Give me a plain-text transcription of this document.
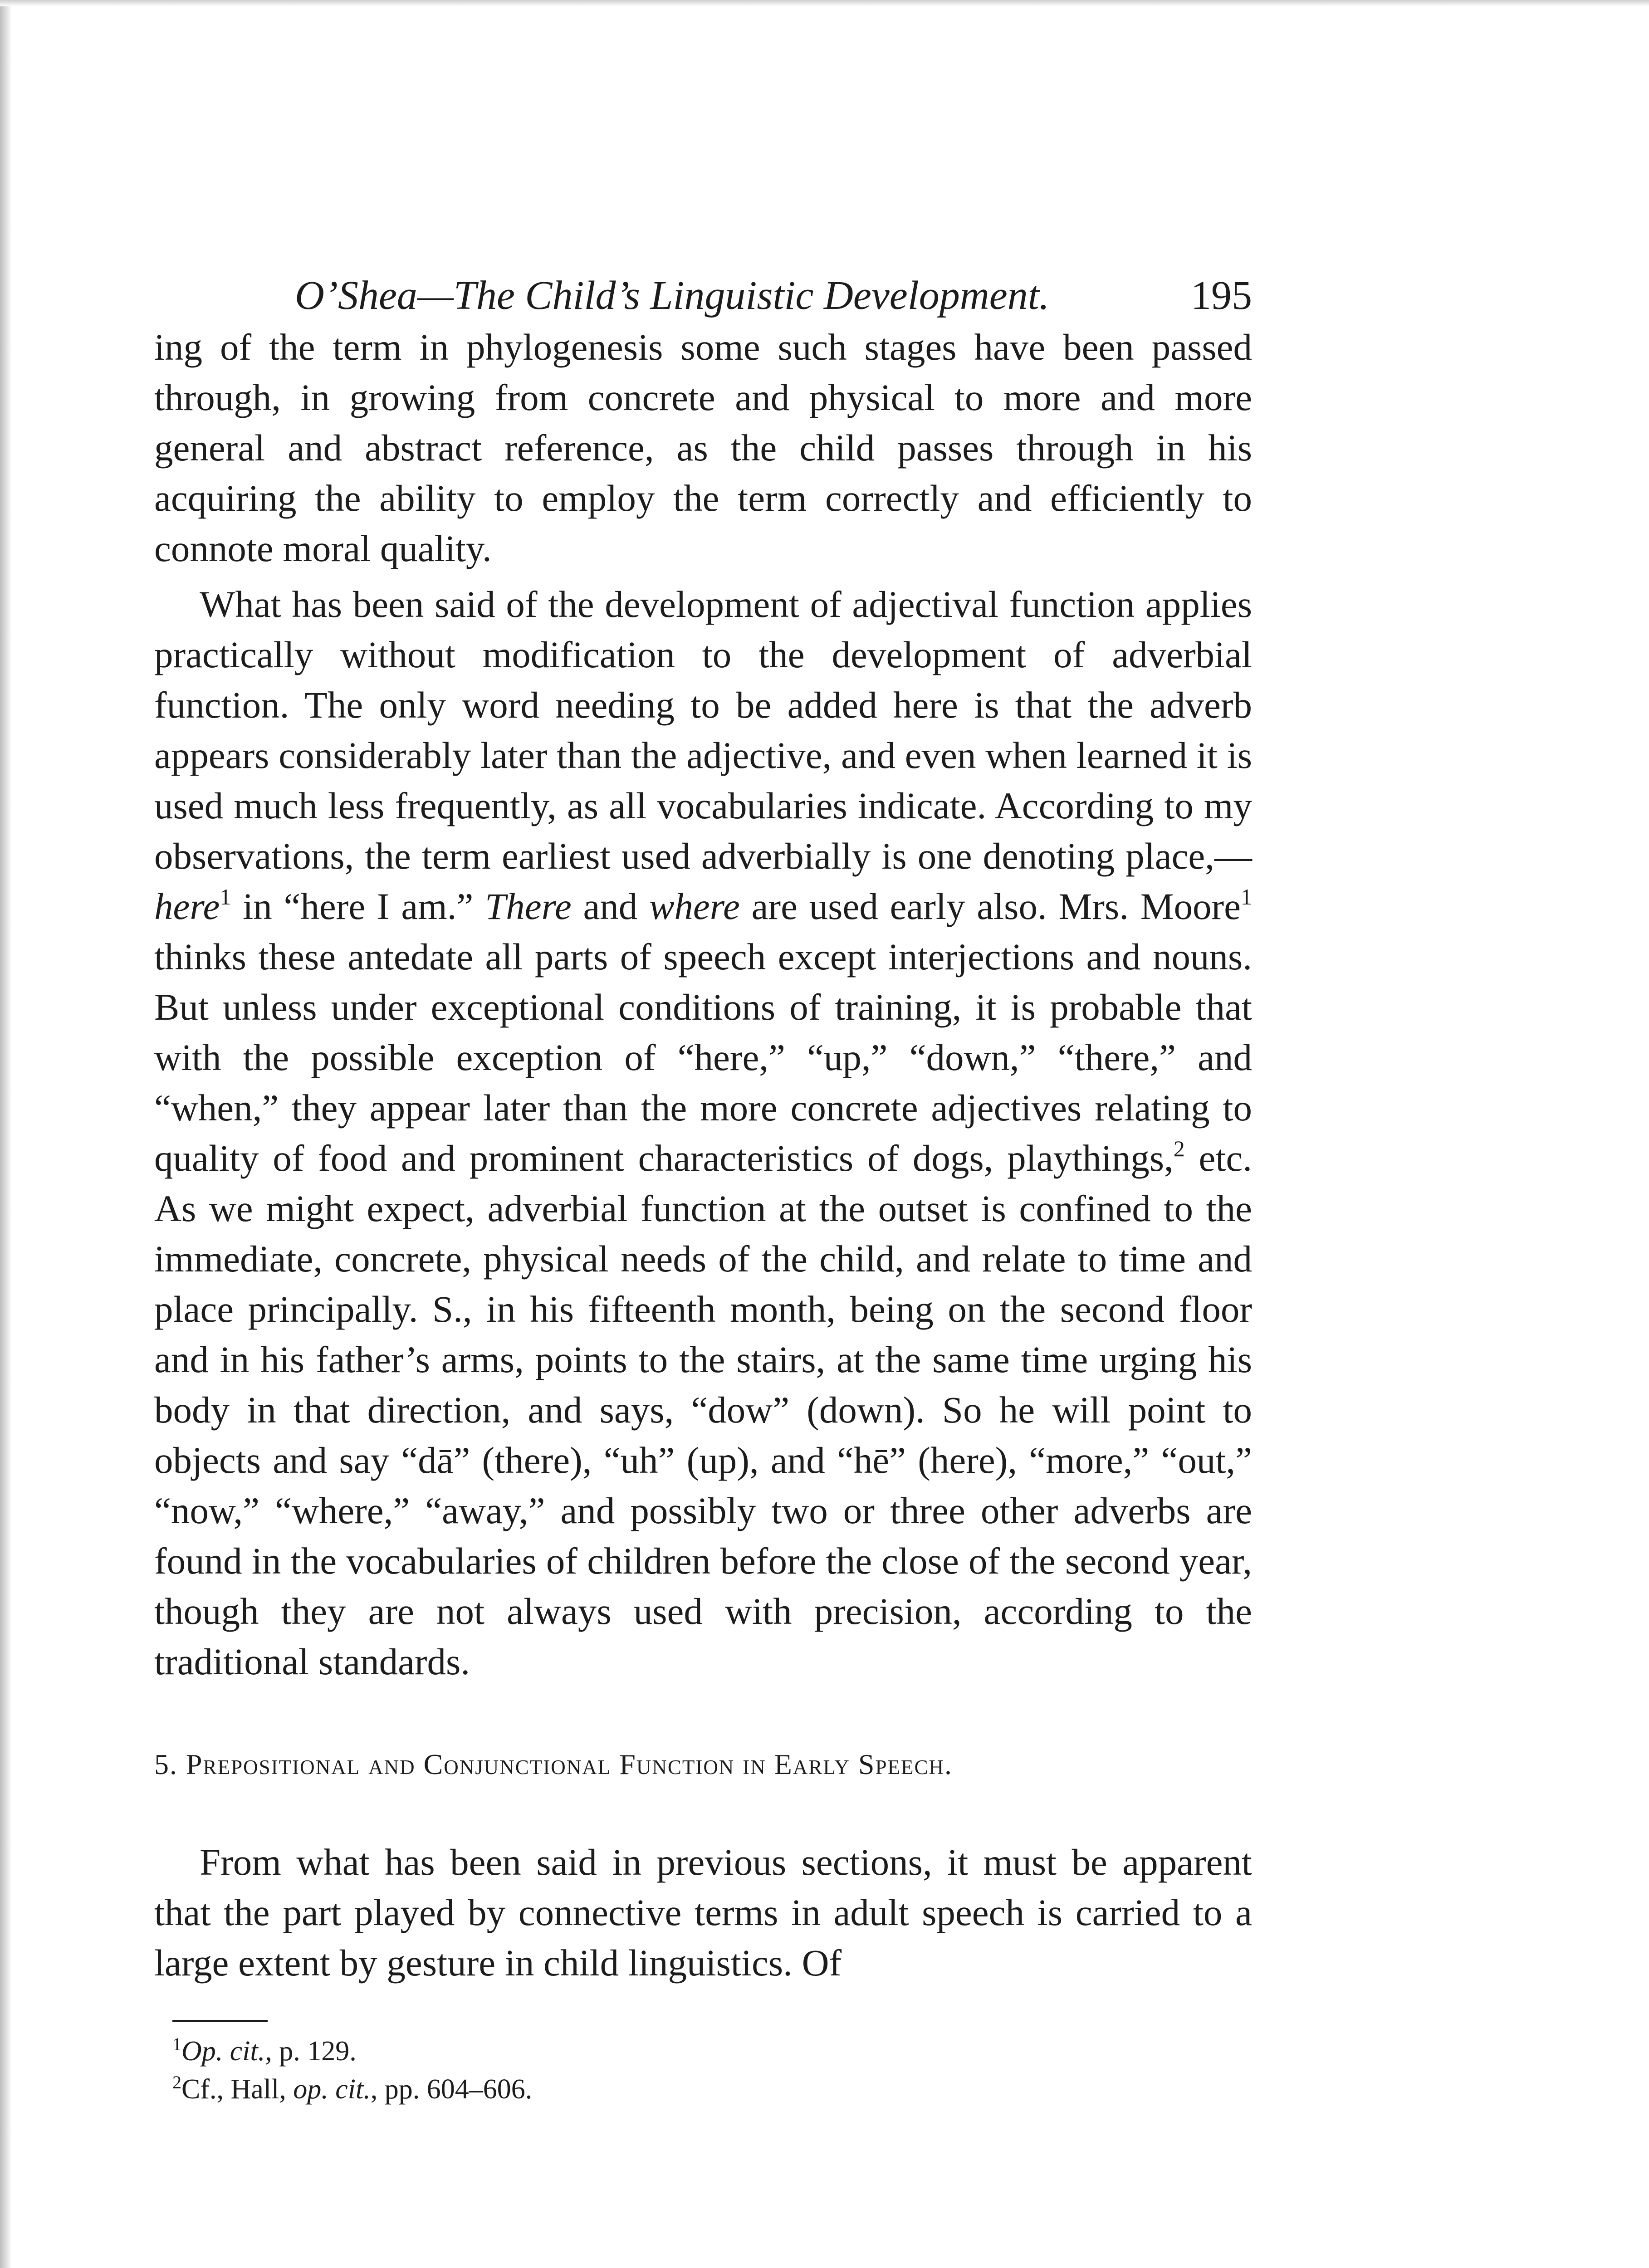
O’Shea—The Child’s Linguistic Development.	195

ing of the term in phylogenesis some such stages have been passed through, in growing from concrete and physical to more and more general and abstract reference, as the child passes through in his acquiring the ability to employ the term correctly and efficiently to connote moral quality.

What has been said of the development of adjectival function applies practically without modification to the development of adverbial function. The only word needing to be added here is that the adverb appears considerably later than the adjective, and even when learned it is used much less frequently, as all vocabularies indicate. According to my observations, the term earliest used adverbially is one denoting place,—here$^1$ in “here I am.” There and where are used early also. Mrs. Moore$^1$ thinks these antedate all parts of speech except interjections and nouns. But unless under exceptional conditions of training, it is probable that with the possible exception of “here,” “up,” “down,” “there,” and “when,” they appear later than the more concrete adjectives relating to quality of food and prominent characteristics of dogs, playthings,$^2$ etc. As we might expect, adverbial function at the outset is confined to the immediate, concrete, physical needs of the child, and relate to time and place principally. S., in his fifteenth month, being on the second floor and in his father’s arms, points to the stairs, at the same time urging his body in that direction, and says, “dow” (down). So he will point to objects and say “dā” (there), “uh” (up), and “hē” (here), “more,” “out,” “now,” “where,” “away,” and possibly two or three other adverbs are found in the vocabularies of children before the close of the second year, though they are not always used with precision, according to the traditional standards.

5. Prepositional and Conjunctional Function in Early Speech.

From what has been said in previous sections, it must be apparent that the part played by connective terms in adult speech is carried to a large extent by gesture in child linguistics. Of

$^1$Op. cit., p. 129.
$^2$Cf., Hall, op. cit., pp. 604–606.
